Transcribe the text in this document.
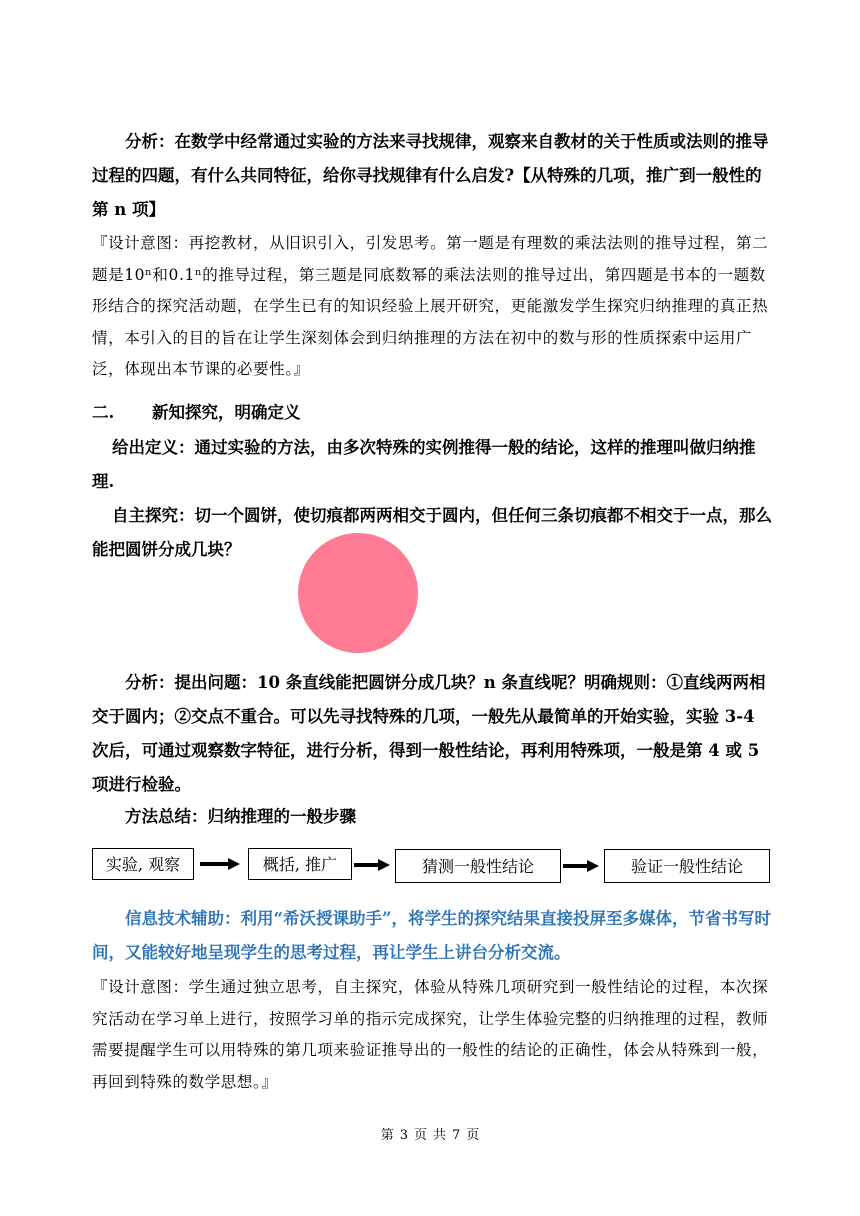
分析：在数学中经常通过实验的方法来寻找规律，观察来自教材的关于性质或法则的推导过程的四题，有什么共同特征，给你寻找规律有什么启发?【从特殊的几项，推广到一般性的第 n 项】

『设计意图：再挖教材，从旧识引入，引发思考。第一题是有理数的乘法法则的推导过程，第二题是10ⁿ和0.1ⁿ的推导过程，第三题是同底数幂的乘法法则的推导过出，第四题是书本的一题数形结合的探究活动题，在学生已有的知识经验上展开研究，更能激发学生探究归纳推理的真正热情，本引入的目的旨在让学生深刻体会到归纳推理的方法在初中的数与形的性质探索中运用广泛，体现出本节课的必要性。』

二. 新知探究，明确定义

给出定义：通过实验的方法，由多次特殊的实例推得一般的结论，这样的推理叫做归纳推理.

自主探究：切一个圆饼，使切痕都两两相交于圆内，但任何三条切痕都不相交于一点，那么能把圆饼分成几块？

分析：提出问题：10 条直线能把圆饼分成几块？n 条直线呢？明确规则：①直线两两相交于圆内；②交点不重合。可以先寻找特殊的几项，一般先从最简单的开始实验，实验 3-4 次后，可通过观察数字特征，进行分析，得到一般性结论，再利用特殊项，一般是第 4 或 5 项进行检验。

方法总结：归纳推理的一般步骤

实验, 观察	概括, 推广	猜测一般性结论	验证一般性结论

信息技术辅助：利用“希沃授课助手”，将学生的探究结果直接投屏至多媒体，节省书写时间，又能较好地呈现学生的思考过程，再让学生上讲台分析交流。

『设计意图：学生通过独立思考，自主探究，体验从特殊几项研究到一般性结论的过程，本次探究活动在学习单上进行，按照学习单的指示完成探究，让学生体验完整的归纳推理的过程，教师需要提醒学生可以用特殊的第几项来验证推导出的一般性的结论的正确性，体会从特殊到一般，再回到特殊的数学思想。』

第 3 页 共 7 页
